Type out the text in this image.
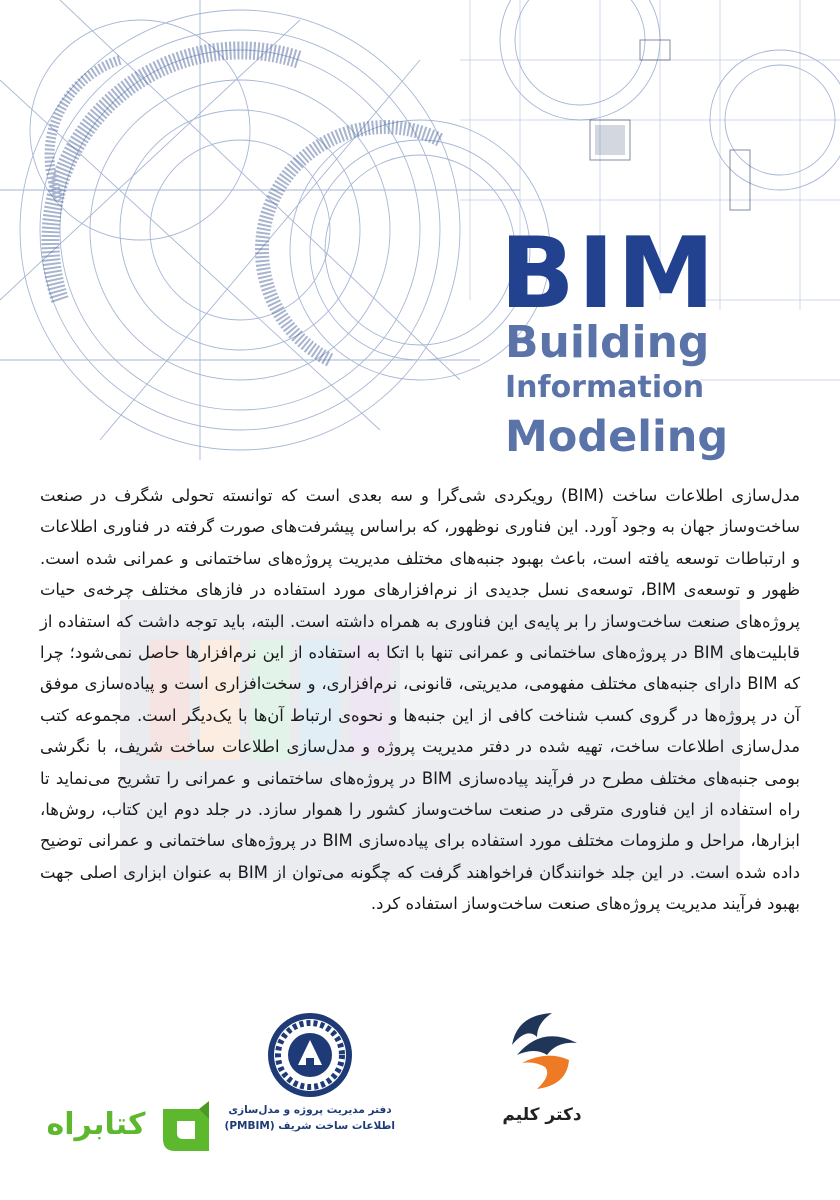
BIM
Building
Information
Modeling

مدل‌سازی اطلاعات ساخت (BIM) رویکردی شی‌گرا و سه بعدی است که توانسته تحولی شگرف در صنعت ساخت‌وساز جهان به وجود آورد. این فناوری نوظهور، که براساس پیشرفت‌های صورت گرفته در فناوری اطلاعات و ارتباطات توسعه یافته است، باعث بهبود جنبه‌های مختلف مدیریت پروژه‌های ساختمانی و عمرانی شده است. ظهور و توسعه‌ی BIM، توسعه‌ی نسل جدیدی از نرم‌افزارهای مورد استفاده در فازهای مختلف چرخه‌ی حیات پروژه‌های صنعت ساخت‌وساز را بر پایه‌ی این فناوری به همراه داشته است. البته، باید توجه داشت که استفاده از قابلیت‌های BIM در پروژه‌های ساختمانی و عمرانی تنها با اتکا به استفاده از این نرم‌افزارها حاصل نمی‌شود؛ چرا که BIM دارای جنبه‌های مختلف مفهومی، مدیریتی، قانونی، نرم‌افزاری، و سخت‌افزاری است و پیاده‌سازی موفق آن در پروژه‌ها در گروی کسب شناخت کافی از این جنبه‌ها و نحوه‌ی ارتباط آن‌ها با یک‌دیگر است. مجموعه کتب مدل‌سازی اطلاعات ساخت، تهیه شده در دفتر مدیریت پروژه و مدل‌سازی اطلاعات ساخت شریف، با نگرشی بومی جنبه‌های مختلف مطرح در فرآیند پیاده‌سازی BIM در پروژه‌های ساختمانی و عمرانی را تشریح می‌نماید تا راه استفاده از این فناوری مترقی در صنعت ساخت‌وساز کشور را هموار سازد. در جلد دوم این کتاب، روش‌ها، ابزارها، مراحل و ملزومات مختلف مورد استفاده برای پیاده‌سازی BIM در پروژه‌های ساختمانی و عمرانی توضیح داده شده است. در این جلد خوانندگان فراخواهند گرفت که چگونه می‌توان از BIM به عنوان ابزاری اصلی جهت بهبود فرآیند مدیریت پروژه‌های صنعت ساخت‌وساز استفاده کرد.

کتابراه	دفتر مدیریت پروژه و مدل‌سازی
اطلاعات ساخت شریف (PMBIM)
دکتر کلیم
